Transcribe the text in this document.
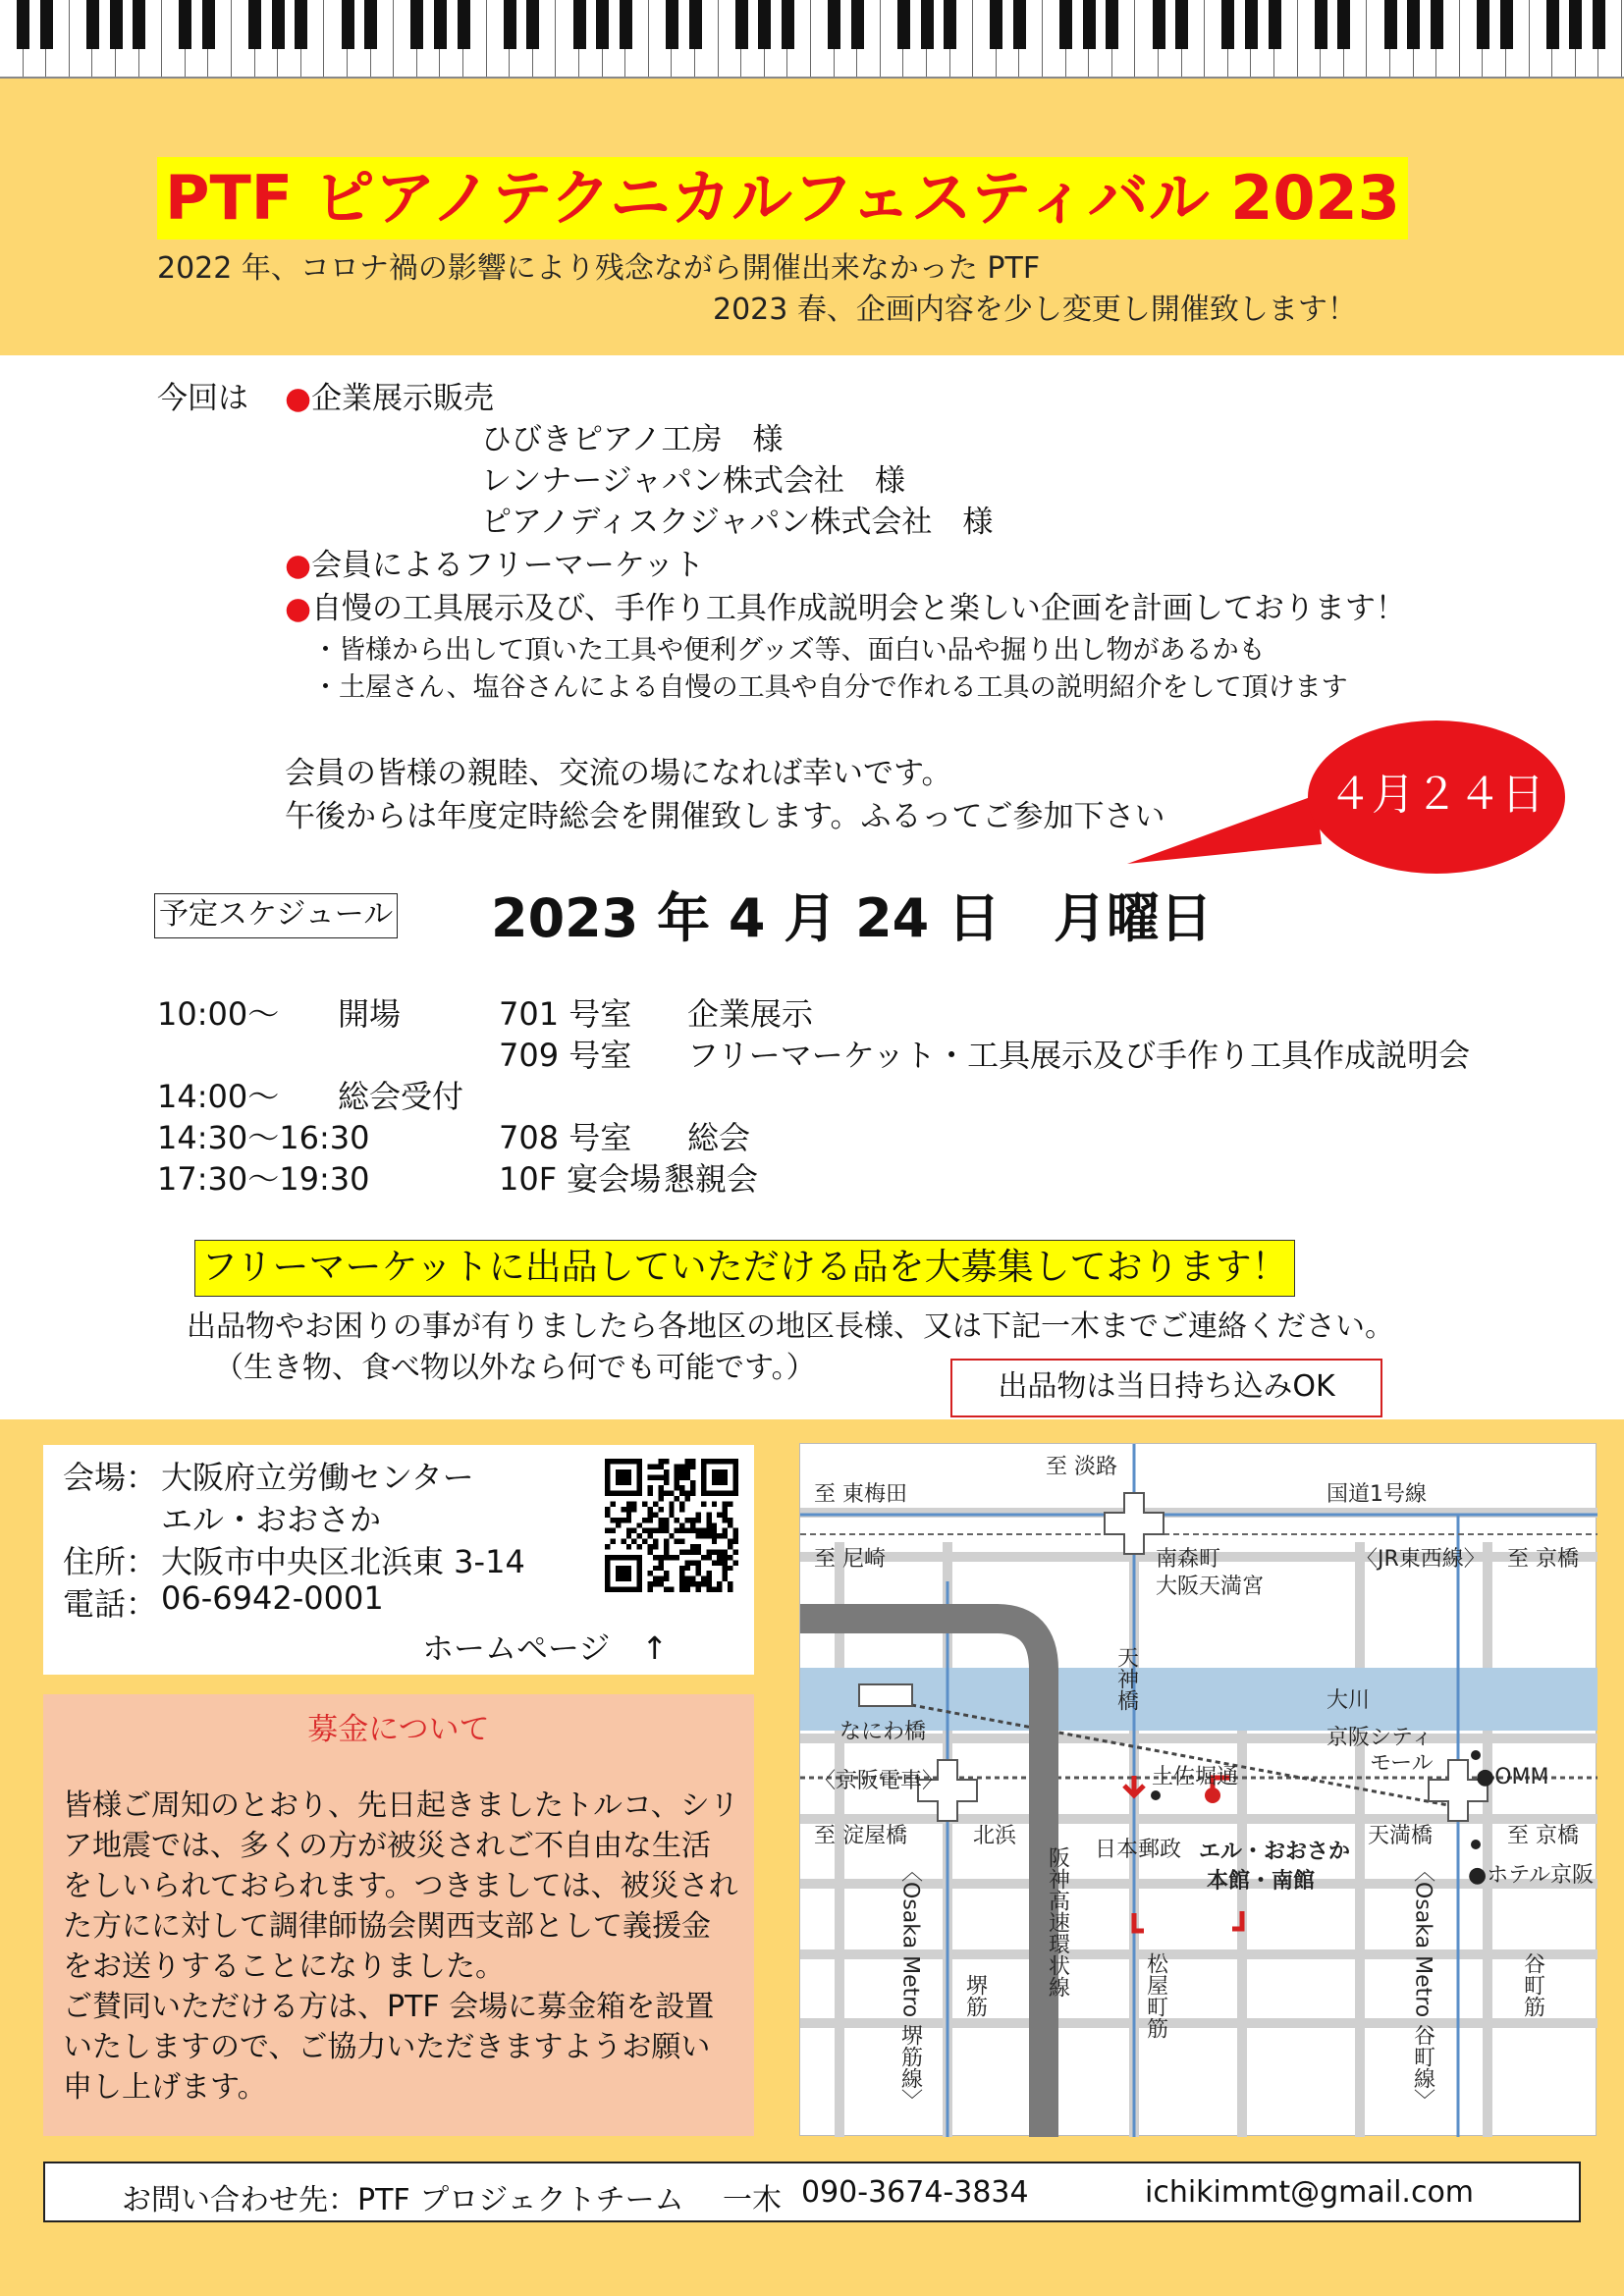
PTF ピアノテクニカルフェスティバル 2023
2022 年、コロナ禍の影響により残念ながら開催出来なかった PTF
2023 春、企画内容を少し変更し開催致します！
今回は ●企業展示販売
ひびきピアノ工房　様
レンナージャパン株式会社　様
ピアノディスクジャパン株式会社　様
●会員によるフリーマーケット
●自慢の工具展示及び、手作り工具作成説明会と楽しい企画を計画しております！
・皆様から出して頂いた工具や便利グッズ等、面白い品や掘り出し物があるかも
・土屋さん、塩谷さんによる自慢の工具や自分で作れる工具の説明紹介をして頂けます
会員の皆様の親睦、交流の場になれば幸いです。
午後からは年度定時総会を開催致します。ふるってご参加下さい	４月２４日
予定スケジュール 2023 年 4 月 24 日　月曜日
10:00〜 開場	701 号室 企業展示
709 号室 フリーマーケット・工具展示及び手作り工具作成説明会
14:00〜 総会受付
14:30〜16:30	708 号室 総会
17:30〜19:30	10F 宴会場 懇親会
フリーマーケットに出品していただける品を大募集しております！
出品物やお困りの事が有りましたら各地区の地区長様、又は下記一木までご連絡ください。
（生き物、食べ物以外なら何でも可能です。）
出品物は当日持ち込みOK
会場： 大阪府立労働センター
エル・おおさか
住所： 大阪市中央区北浜東 3-14
電話： 06-6942-0001
ホームページ　↑
募金について
皆様ご周知のとおり、先日起きましたトルコ、シリ
ア地震では、多くの方が被災されご不自由な生活
をしいられておられます。つきましては、被災され
た方にに対して調律師協会関西支部として義援金
をお送りすることになりました。
ご賛同いただける方は、PTF 会場に募金箱を設置
いたしますので、ご協力いただきますようお願い
申し上げます。
至 東梅田
至 淡路
国道1号線
至 尼崎	南森町
大阪天満宮
〈JR東西線〉 至 京橋
天神橋	大川
なにわ橋	京阪シティ
モール
〈京阪電車〉	土佐堀通	●OMM
至 淀屋橋	北浜
阪神高速環状線 日本郵政 エル・おおさか
本館・南館
天満橋	至 京橋
〈Osaka Metro 堺筋線〉	〈Osaka Metro 谷町線〉 ●ホテル京阪
堺筋	松屋町筋	谷町筋
お問い合わせ先：PTF プロジェクトチーム 一木 090-3674-3834	ichikimmt@gmail.com
